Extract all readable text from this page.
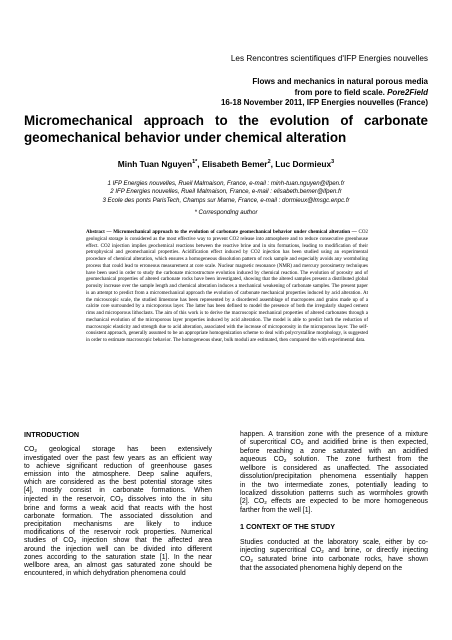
Les Rencontres scientifiques d'IFP Energies nouvelles
Flows and mechanics in natural porous media
from pore to field scale. Pore2Field
16-18 November 2011, IFP Energies nouvelles (France)
Micromechanical approach to the evolution of carbonate
geomechanical behavior under chemical alteration
Minh Tuan Nguyen$^{1*}$, Elisabeth Bemer$^2$, Luc Dormieux$^3$
1 IFP Energies nouvelles, Rueil Malmaison, France, e-mail : minh-tuan.nguyen@ifpen.fr
2 IFP Energies nouvelles, Rueil Malmaison, France, e-mail : elisabeth.bemer@ifpen.fr
3 Ecole des ponts ParisTech, Champs sur Marne, France, e-mail : dormieux@lmsgc.enpc.fr
* Corresponding author
Abstract — Micromechanical approach to the evolution of carbonate geomechanical behavior under chemical alteration — CO2 geological storage is considered as the most effective way to prevent CO2 release into atmosphere and to reduce consecutive greenhouse effect. CO2 injection implies geochemical reactions between the reactive brine and in situ formations, leading to modification of their petrophysical and geomechanical properties. Acidification effect induced by CO2 injection has been studied using an experimental procedure of chemical alteration, which ensures a homogeneous dissolution pattern of rock sample and especially avoids any wormholing process that could lead to erroneous measurement at core scale. Nuclear magnetic resonance (NMR) and mercury porosimetry techniques have been used in order to study the carbonate microstructure evolution induced by chemical reaction. The evolution of porosity and of geomechanical properties of altered carbonate rocks have been investigated, showing that the altered samples present a distributed global porosity increase over the sample length and chemical alteration induces a mechanical weakening of carbonate samples. The present paper is an attempt to predict from a micromechanical approach the evolution of carbonate mechanical properties induced by acid alteration. At the microscopic scale, the studied limestone has been represented by a disordered assemblage of macropores and grains made up of a calcite core surrounded by a microporous layer. The latter has been defined to model the presence of both the irregularly shaped cement rims and microporous lithoclasts. The aim of this work is to derive the macroscopic mechanical properties of altered carbonates through a mechanical evolution of the microporous layer properties induced by acid alteration. The model is able to predict both the reduction of macroscopic elasticity and strength due to acid alteration, associated with the increase of microporosity in the microporous layer. The self-consistent approach, generally assumed to be an appropriate homogenization scheme to deal with polycrystalline morphology, is suggested in order to estimate macroscopic behavior. The homogeneous shear, bulk moduli are estimated, then compared the with experimental data.

INTRODUCTION

$CO_2$ geological storage has been extensively
investigated over the past few years as an efficient way
to achieve significant reduction of greenhouse gases
emission into the atmosphere. Deep saline aquifers,
which are considered as the best potential storage sites
[4], mostly consist in carbonate formations. When
injected in the reservoir, $CO_2$ dissolves into the in situ
brine and forms a weak acid that reacts with the host
carbonate formation. The associated dissolution and
precipitation mechanisms are likely to induce
modifications of the reservoir rock properties. Numerical
studies of $CO_2$ injection show that the affected area
around the injection well can be divided into different
zones according to the saturation state [1]. In the near
wellbore area, an almost gas saturated zone should be
encountered, in which dehydration phenomena could
happen. A transition zone with the presence of a mixture
of supercritical $CO_2$ and acidified brine is then expected,
before reaching a zone saturated with an acidified
aqueous $CO_2$ solution. The zone furthest from the
wellbore is considered as unaffected. The associated
dissolution/precipitation phenomena essentially happen
in the two intermediate zones, potentially leading to
localized dissolution patterns such as wormholes growth
[2]. $CO_2$ effects are expected to be more homogeneous
farther from the well [1].

1 CONTEXT OF THE STUDY

Studies conducted at the laboratory scale, either by co-
injecting supercritical $CO_2$ and brine, or directly injecting
$CO_2$ saturated brine into carbonate rocks, have shown
that the associated phenomena highly depend on the
